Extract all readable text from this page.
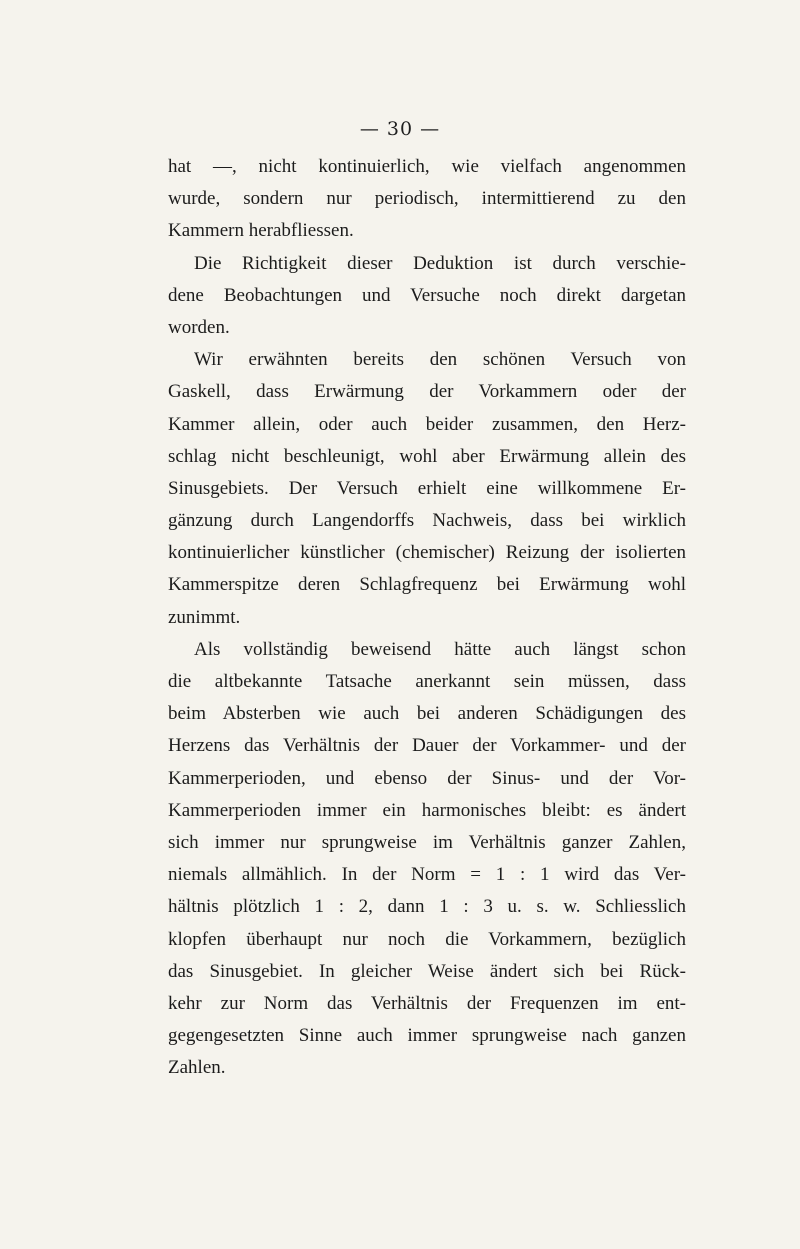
— 30 —
hat —, nicht kontinuierlich, wie vielfach angenommen
wurde, sondern nur periodisch, intermittierend zu den
Kammern herabfliessen.
Die Richtigkeit dieser Deduktion ist durch verschie-
dene Beobachtungen und Versuche noch direkt dargetan
worden.
Wir erwähnten bereits den schönen Versuch von
Gaskell, dass Erwärmung der Vorkammern oder der
Kammer allein, oder auch beider zusammen, den Herz-
schlag nicht beschleunigt, wohl aber Erwärmung allein des
Sinusgebiets. Der Versuch erhielt eine willkommene Er-
gänzung durch Langendorffs Nachweis, dass bei wirklich
kontinuierlicher künstlicher (chemischer) Reizung der isolierten
Kammerspitze deren Schlagfrequenz bei Erwärmung wohl
zunimmt.
Als vollständig beweisend hätte auch längst schon
die altbekannte Tatsache anerkannt sein müssen, dass
beim Absterben wie auch bei anderen Schädigungen des
Herzens das Verhältnis der Dauer der Vorkammer- und der
Kammerperioden, und ebenso der Sinus- und der Vor-
Kammerperioden immer ein harmonisches bleibt: es ändert
sich immer nur sprungweise im Verhältnis ganzer Zahlen,
niemals allmählich. In der Norm = 1 : 1 wird das Ver-
hältnis plötzlich 1 : 2, dann 1 : 3 u. s. w. Schliesslich
klopfen überhaupt nur noch die Vorkammern, bezüglich
das Sinusgebiet. In gleicher Weise ändert sich bei Rück-
kehr zur Norm das Verhältnis der Frequenzen im ent-
gegengesetzten Sinne auch immer sprungweise nach ganzen
Zahlen.
